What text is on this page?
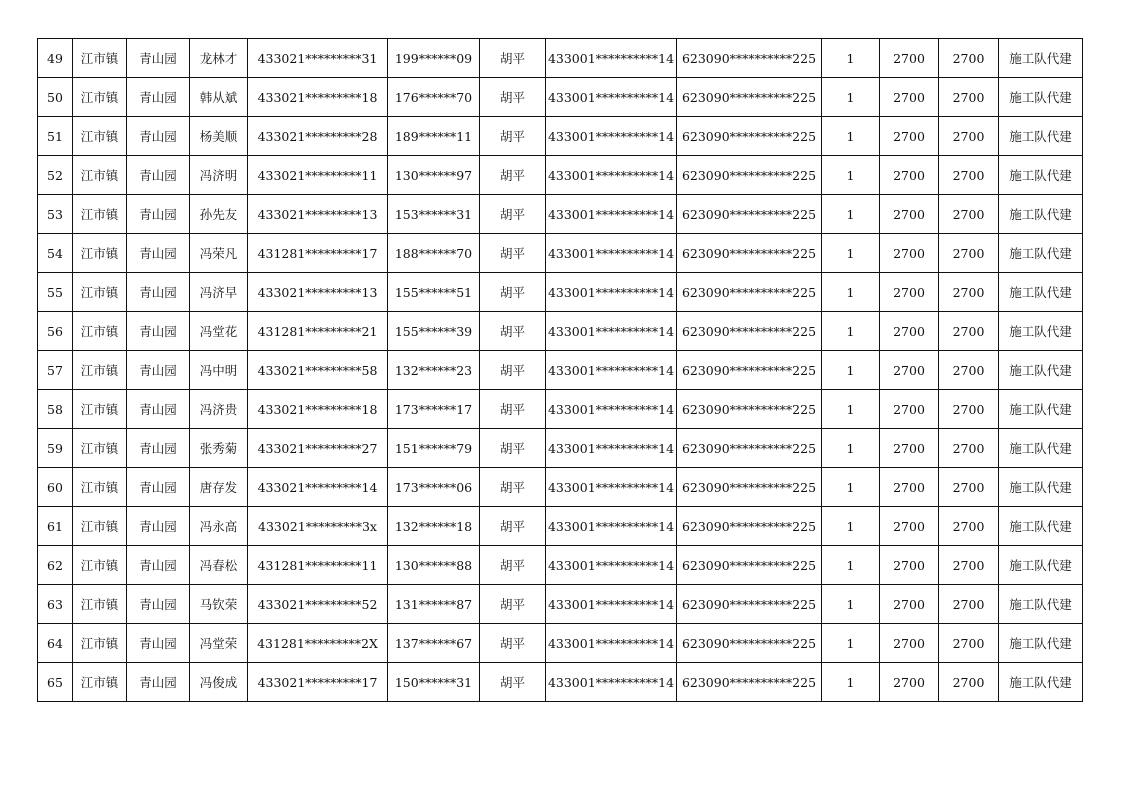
49	江市镇	青山园	龙林才	433021*********31	199******09	胡平	433001**********14	623090**********225	1	2700	2700	施工队代建
50	江市镇	青山园	韩从斌	433021*********18	176******70	胡平	433001**********14	623090**********225	1	2700	2700	施工队代建
51	江市镇	青山园	杨美顺	433021*********28	189******11	胡平	433001**********14	623090**********225	1	2700	2700	施工队代建
52	江市镇	青山园	冯济明	433021*********11	130******97	胡平	433001**********14	623090**********225	1	2700	2700	施工队代建
53	江市镇	青山园	孙先友	433021*********13	153******31	胡平	433001**********14	623090**********225	1	2700	2700	施工队代建
54	江市镇	青山园	冯荣凡	431281*********17	188******70	胡平	433001**********14	623090**********225	1	2700	2700	施工队代建
55	江市镇	青山园	冯济早	433021*********13	155******51	胡平	433001**********14	623090**********225	1	2700	2700	施工队代建
56	江市镇	青山园	冯堂花	431281*********21	155******39	胡平	433001**********14	623090**********225	1	2700	2700	施工队代建
57	江市镇	青山园	冯中明	433021*********58	132******23	胡平	433001**********14	623090**********225	1	2700	2700	施工队代建
58	江市镇	青山园	冯济贵	433021*********18	173******17	胡平	433001**********14	623090**********225	1	2700	2700	施工队代建
59	江市镇	青山园	张秀菊	433021*********27	151******79	胡平	433001**********14	623090**********225	1	2700	2700	施工队代建
60	江市镇	青山园	唐存发	433021*********14	173******06	胡平	433001**********14	623090**********225	1	2700	2700	施工队代建
61	江市镇	青山园	冯永高	433021*********3x	132******18	胡平	433001**********14	623090**********225	1	2700	2700	施工队代建
62	江市镇	青山园	冯春松	431281*********11	130******88	胡平	433001**********14	623090**********225	1	2700	2700	施工队代建
63	江市镇	青山园	马钦荣	433021*********52	131******87	胡平	433001**********14	623090**********225	1	2700	2700	施工队代建
64	江市镇	青山园	冯堂荣	431281*********2X	137******67	胡平	433001**********14	623090**********225	1	2700	2700	施工队代建
65	江市镇	青山园	冯俊成	433021*********17	150******31	胡平	433001**********14	623090**********225	1	2700	2700	施工队代建
